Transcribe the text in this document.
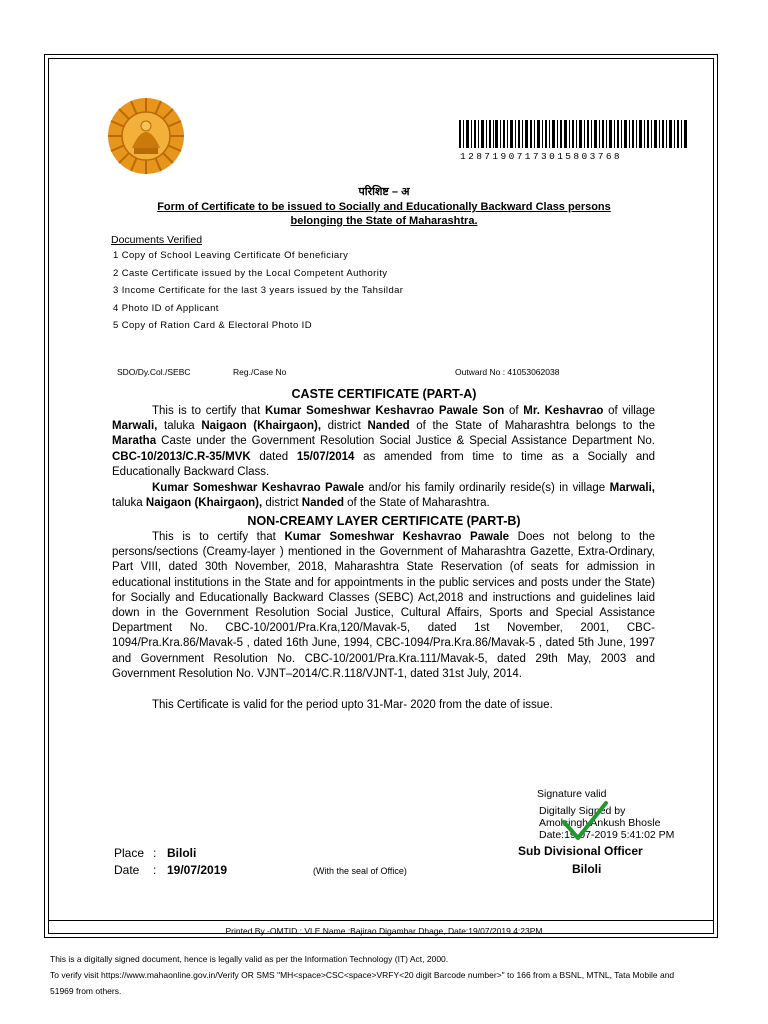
1287190717301580376​8
परिशिष्ट – अ
Form of Certificate to be issued to Socially and Educationally Backward Class persons
belonging the State of Maharashtra.
Documents Verified
1 Copy of School Leaving Certificate Of beneficiary
2 Caste Certificate issued by the Local Competent Authority
3 Income Certificate for the last 3 years issued by the Tahsildar
4 Photo ID of Applicant
5 Copy of Ration Card & Electoral Photo ID
SDO/Dy.Col./SEBC	Reg./Case No	Outward No : 41053062038
CASTE CERTIFICATE (PART-A)
This is to certify that Kumar Someshwar Keshavrao Pawale Son of Mr. Keshavrao of village Marwali, taluka Naigaon (Khairgaon), district Nanded of the State of Maharashtra belongs to the Maratha Caste under the Government Resolution Social Justice & Special Assistance Department No. CBC-10/2013/C.R-35/MVK dated 15/07/2014 as amended from time to time as a Socially and Educationally Backward Class.
Kumar Someshwar Keshavrao Pawale and/or his family ordinarily reside(s) in village Marwali, taluka Naigaon (Khairgaon), district Nanded of the State of Maharashtra.
NON-CREAMY LAYER CERTIFICATE (PART-B)
This is to certify that Kumar Someshwar Keshavrao Pawale Does not belong to the persons/sections (Creamy-layer ) mentioned in the Government of Maharashtra Gazette, Extra-Ordinary, Part VIII, dated 30th November, 2018, Maharashtra State Reservation (of seats for admission in educational institutions in the State and for appointments in the public services and posts under the State) for Socially and Educationally Backward Classes (SEBC) Act,2018 and instructions and guidelines laid down in the Government Resolution Social Justice, Cultural Affairs, Sports and Special Assistance Department No. CBC-10/2001/Pra.Kra,120/Mavak-5, dated 1st November, 2001, CBC-1094/Pra.Kra.86/Mavak-5 , dated 16th June, 1994, CBC-1094/Pra.Kra.86/Mavak-5 , dated 5th June, 1997 and Government Resolution No. CBC-10/2001/Pra.Kra.111/Mavak-5, dated 29th May, 2003 and Government Resolution No. VJNT–2014/C.R.118/VJNT-1, dated 31st July, 2014.
This Certificate is valid for the period upto 31-Mar- 2020 from the date of issue.
Signature valid
Digitally Signed by
Amolsingh Ankush Bhosle
Date:19-07-2019 5:41:02 PM
Sub Divisional Officer
Biloli
Place : Biloli
Date : 19/07/2019	(With the seal of Office)
Printed By -OMTID : VLE Name :Bajirao Digambar Dhage, Date:19/07/2019 4:23PM
This is a digitally signed document, hence is legally valid as per the Information Technology (IT) Act, 2000.
To verify visit https://www.mahaonline.gov.in/Verify OR SMS "MH<space>CSC<space>VRFY<20 digit Barcode number>" to 166 from a BSNL, MTNL, Tata Mobile and
51969 from others.
